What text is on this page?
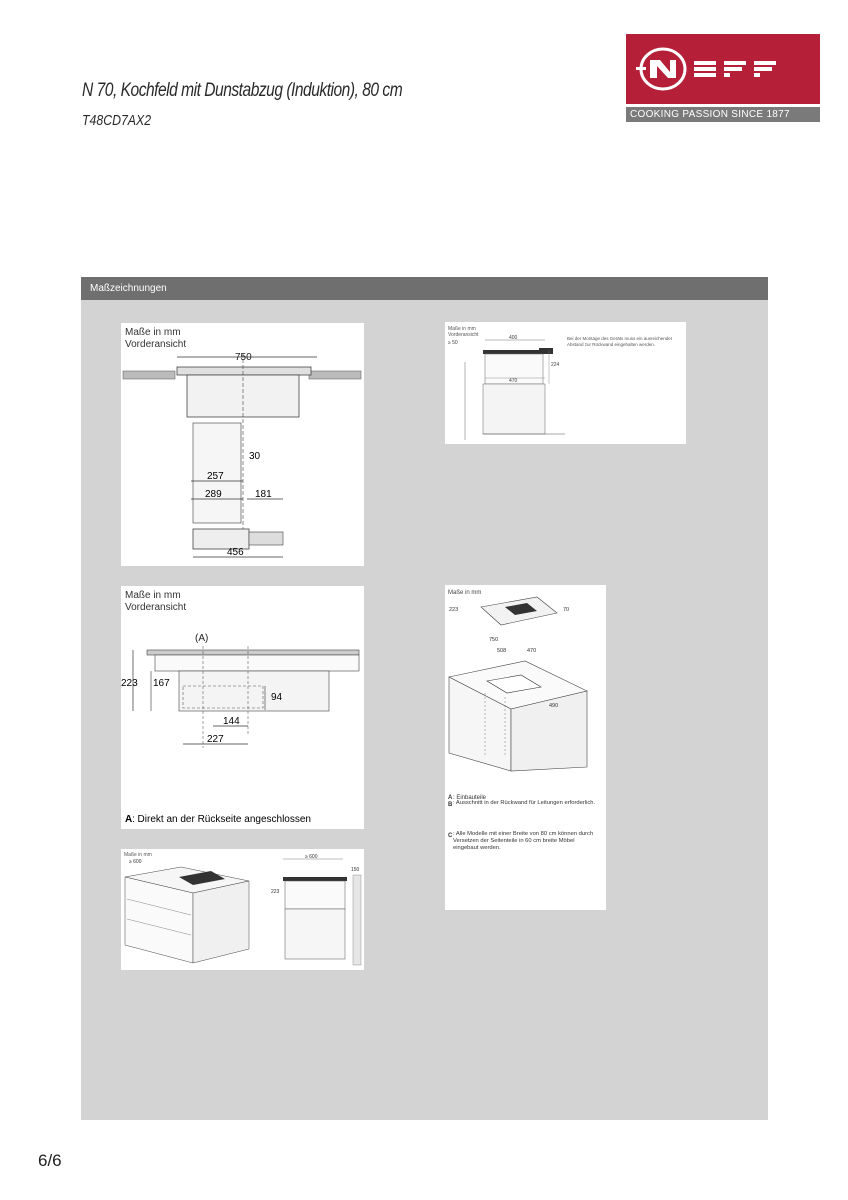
N 70, Kochfeld mit Dunstabzug (Induktion), 80 cm
T48CD7AX2	COOKING PASSION SINCE 1877
Maßzeichnungen
Maße in mm
Vorderansicht
750
30
257
289	181
456
Maße in mm
Vorderansicht	400
≥ 50
470
224
Bei der Montage des Geräts muss ein ausreichender Abstand zur Rückwand eingehalten werden.
Maße in mm
Vorderansicht
(A)
223 167
94
144
227
A : Direkt an der Rückseite angeschlossen
Maße in mm
223	70
750
508	470
490
A : Einbauteile
B : Ausschnitt in der Rückwand für Leitungen erforderlich.
C : Alle Modelle mit einer Breite von 80 cm können durch Versetzen der Seitenteile in 60 cm breite Möbel eingebaut werden.
Maße in mm
≥ 600
≥ 600
223
150
6/6
